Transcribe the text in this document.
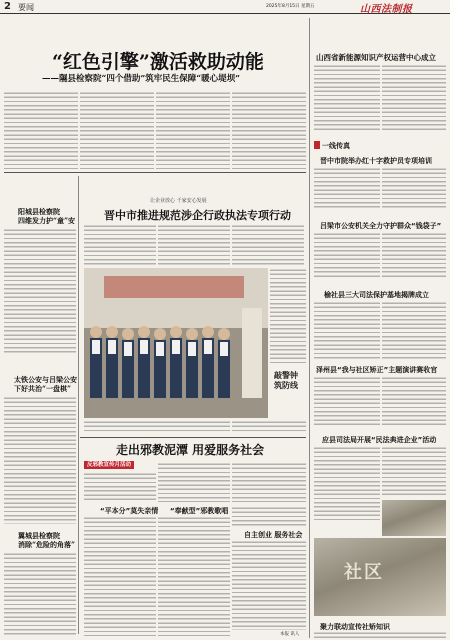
2 要闻	2025年8月15日 星期五	山西法制报
“红色引擎”激活救助动能
——隰县检察院“四个借助”筑牢民生保障“暖心堤坝”
阳城县检察院
四维发力护“童”安
太铁公安与吕梁公安
下好共治“一盘棋”
翼城县检察院
消除“危险的角落”
让企业放心 千家安心发展
晋中市推进规范涉企行政执法专项行动
敲警钟 筑防线
走出邪教泥潭 用爱服务社会
反邪教宣传月活动
“平本分”莫失亲情 “奉献型”邪教歌唱
自主创业 服务社会
本报 讯人
山西省新能源知识产权运营中心成立
一线传真
晋中市院举办红十字救护员专项培训
吕梁市公安机关全力守护群众“钱袋子”
榆社县三大司法保护基地揭牌成立
泽州县“我与社区矫正”主题演讲赛收官
应县司法局开展“民法典进企业”活动
社区
聚力联动宣传社矫知识
